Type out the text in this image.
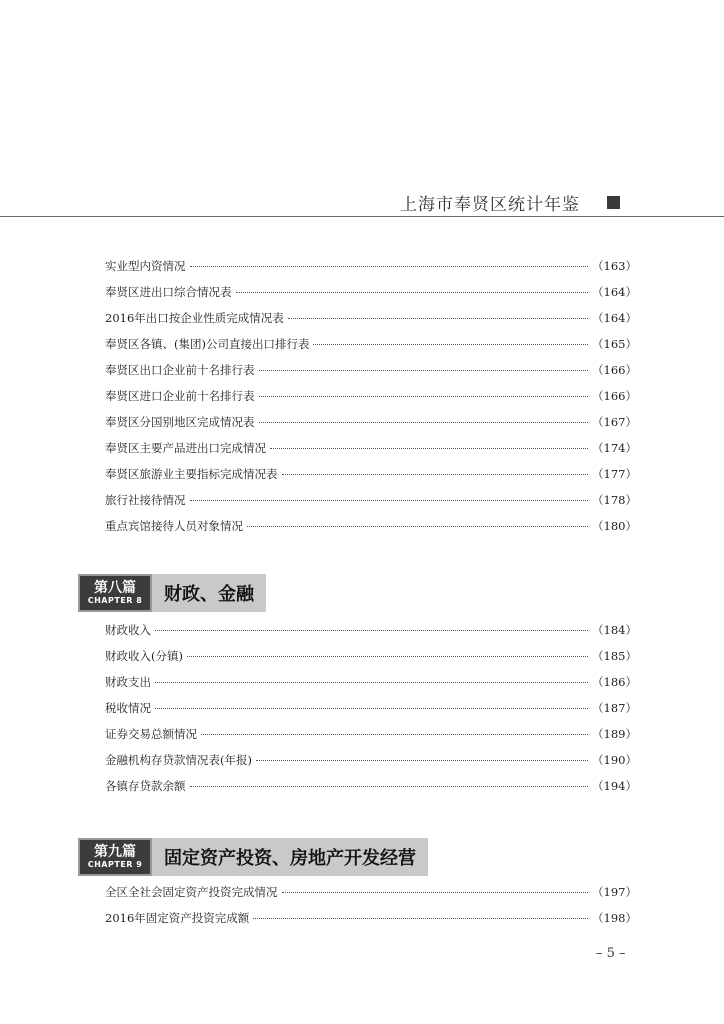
上海市奉贤区统计年鉴
实业型内资情况	（163）
奉贤区进出口综合情况表	（164）
2016年出口按企业性质完成情况表	（164）
奉贤区各镇、(集团)公司直接出口排行表	（165）
奉贤区出口企业前十名排行表	（166）
奉贤区进口企业前十名排行表	（166）
奉贤区分国别地区完成情况表	（167）
奉贤区主要产品进出口完成情况	（174）
奉贤区旅游业主要指标完成情况表	（177）
旅行社接待情况	（178）
重点宾馆接待人员对象情况	（180）
第八篇
CHAPTER 8	财政、金融
财政收入	（184）
财政收入(分镇)	（185）
财政支出	（186）
税收情况	（187）
证券交易总额情况	（189）
金融机构存贷款情况表(年报)	（190）
各镇存贷款余额	（194）
第九篇
CHAPTER 9	固定资产投资、房地产开发经营
全区全社会固定资产投资完成情况	（197）
2016年固定资产投资完成额	（198）
– 5 –
